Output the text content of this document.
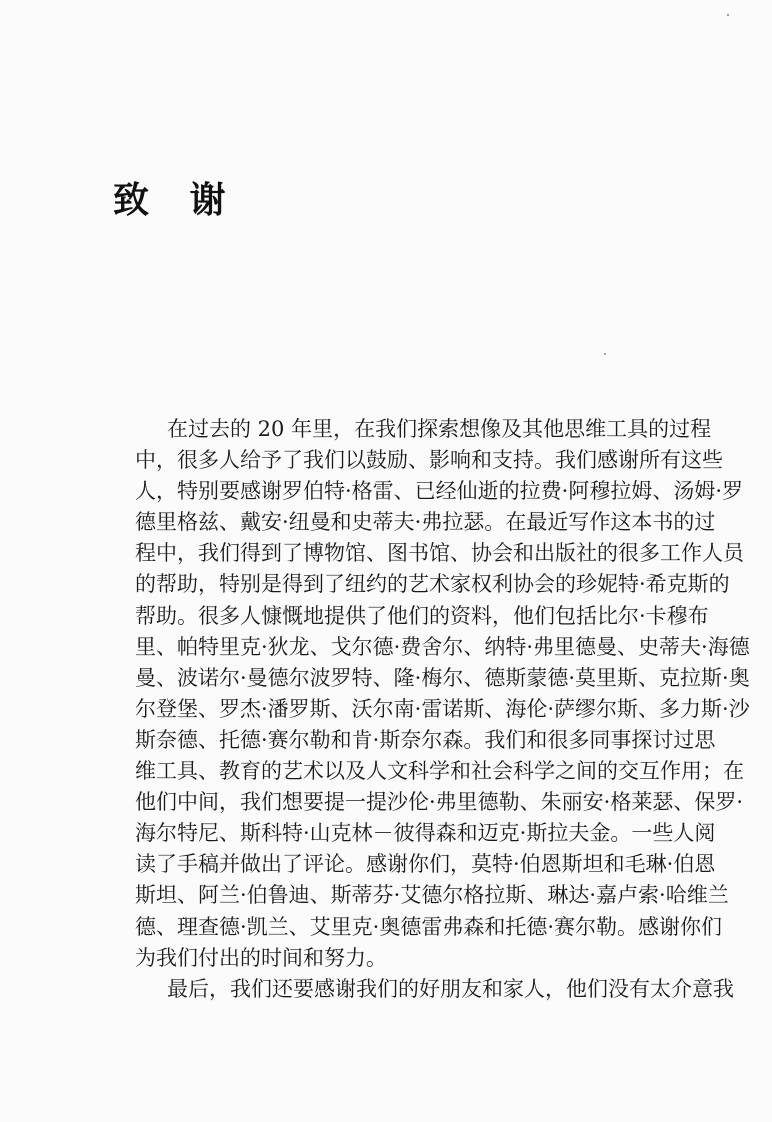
致 谢
在过去的 20 年里，在我们探索想像及其他思维工具的过程
中，很多人给予了我们以鼓励、影响和支持。我们感谢所有这些
人，特别要感谢罗伯特·格雷、已经仙逝的拉费·阿穆拉姆、汤姆·罗
德里格兹、戴安·纽曼和史蒂夫·弗拉瑟。在最近写作这本书的过
程中，我们得到了博物馆、图书馆、协会和出版社的很多工作人员
的帮助，特别是得到了纽约的艺术家权利协会的珍妮特·希克斯的
帮助。很多人慷慨地提供了他们的资料，他们包括比尔·卡穆布
里、帕特里克·狄龙、戈尔德·费舍尔、纳特·弗里德曼、史蒂夫·海德
曼、波诺尔·曼德尔波罗特、隆·梅尔、德斯蒙德·莫里斯、克拉斯·奥
尔登堡、罗杰·潘罗斯、沃尔南·雷诺斯、海伦·萨缪尔斯、多力斯·沙
斯奈德、托德·赛尔勒和肯·斯奈尔森。我们和很多同事探讨过思
维工具、教育的艺术以及人文科学和社会科学之间的交互作用；在
他们中间，我们想要提一提沙伦·弗里德勒、朱丽安·格莱瑟、保罗·
海尔特尼、斯科特·山克林－彼得森和迈克·斯拉夫金。一些人阅
读了手稿并做出了评论。感谢你们，莫特·伯恩斯坦和毛琳·伯恩
斯坦、阿兰·伯鲁迪、斯蒂芬·艾德尔格拉斯、琳达·嘉卢索·哈维兰
德、理查德·凯兰、艾里克·奥德雷弗森和托德·赛尔勒。感谢你们
为我们付出的时间和努力。
最后，我们还要感谢我们的好朋友和家人，他们没有太介意我
